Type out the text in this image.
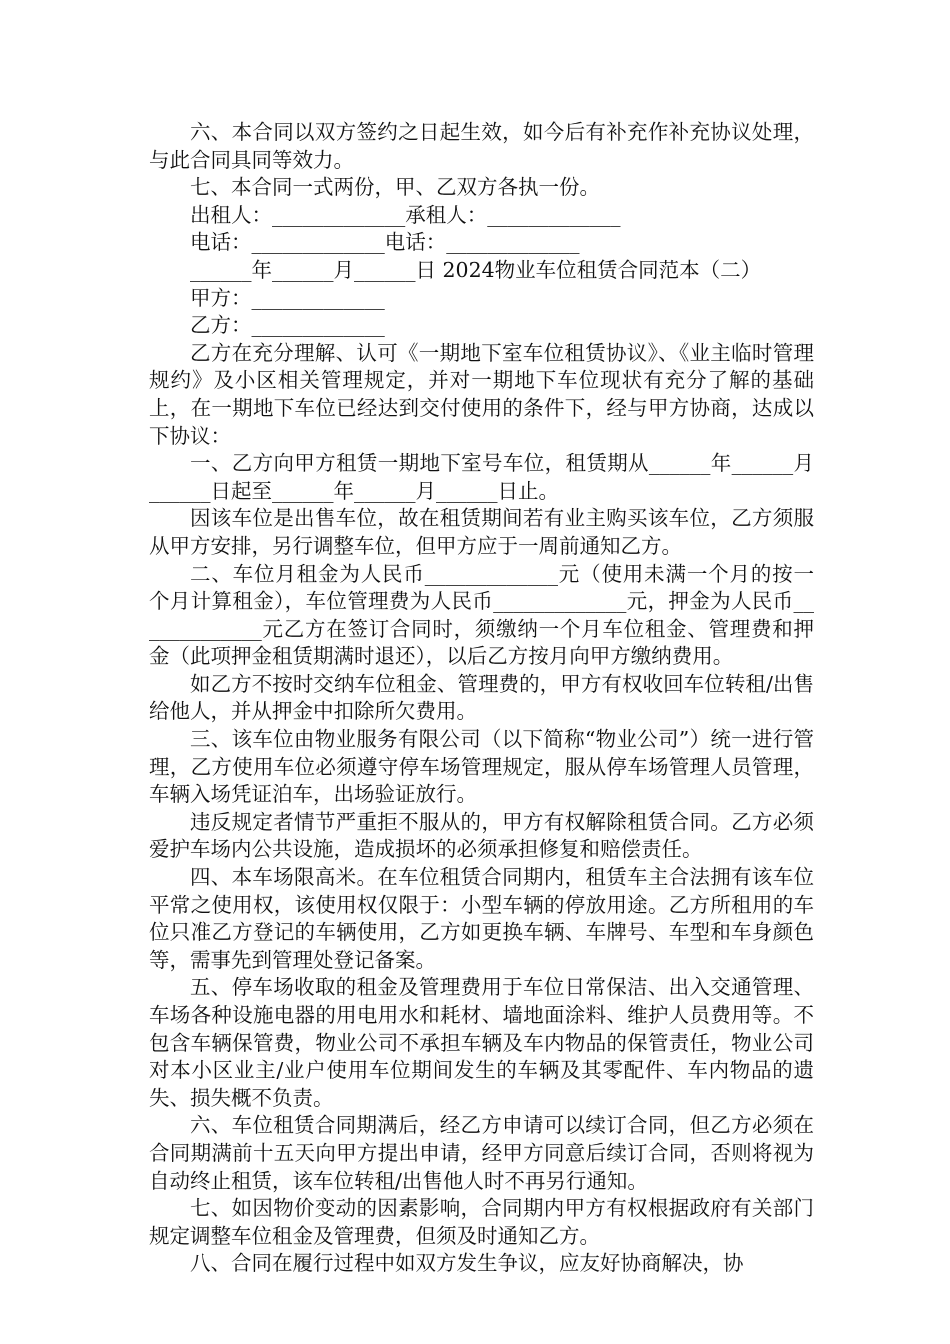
六、本合同以双方签约之日起生效，如今后有补充作补充协议处理，与此合同具同等效力。

七、本合同一式两份，甲、乙双方各执一份。

出租人：_____________承租人：_____________

电话：_____________电话：_____________

______年______月______日 2024物业车位租赁合同范本（二）

甲方：_____________

乙方：_____________

乙方在充分理解、认可《一期地下室车位租赁协议》、《业主临时管理规约》及小区相关管理规定，并对一期地下车位现状有充分了解的基础上，在一期地下车位已经达到交付使用的条件下，经与甲方协商，达成以下协议：

一、乙方向甲方租赁一期地下室号车位，租赁期从______年______月______日起至______年______月______日止。

因该车位是出售车位，故在租赁期间若有业主购买该车位，乙方须服从甲方安排，另行调整车位，但甲方应于一周前通知乙方。

二、车位月租金为人民币_____________元（使用未满一个月的按一个月计算租金），车位管理费为人民币_____________元，押金为人民币_____________元乙方在签订合同时，须缴纳一个月车位租金、管理费和押金（此项押金租赁期满时退还），以后乙方按月向甲方缴纳费用。

如乙方不按时交纳车位租金、管理费的，甲方有权收回车位转租/出售给他人，并从押金中扣除所欠费用。

三、该车位由物业服务有限公司（以下简称“物业公司”）统一进行管理，乙方使用车位必须遵守停车场管理规定，服从停车场管理人员管理，车辆入场凭证泊车，出场验证放行。

违反规定者情节严重拒不服从的，甲方有权解除租赁合同。乙方必须爱护车场内公共设施，造成损坏的必须承担修复和赔偿责任。

四、本车场限高米。在车位租赁合同期内，租赁车主合法拥有该车位平常之使用权，该使用权仅限于：小型车辆的停放用途。乙方所租用的车位只准乙方登记的车辆使用，乙方如更换车辆、车牌号、车型和车身颜色等，需事先到管理处登记备案。

五、停车场收取的租金及管理费用于车位日常保洁、出入交通管理、车场各种设施电器的用电用水和耗材、墙地面涂料、维护人员费用等。不包含车辆保管费，物业公司不承担车辆及车内物品的保管责任，物业公司对本小区业主/业户使用车位期间发生的车辆及其零配件、车内物品的遗失、损失概不负责。

六、车位租赁合同期满后，经乙方申请可以续订合同，但乙方必须在合同期满前十五天向甲方提出申请，经甲方同意后续订合同，否则将视为自动终止租赁，该车位转租/出售他人时不再另行通知。

七、如因物价变动的因素影响，合同期内甲方有权根据政府有关部门规定调整车位租金及管理费，但须及时通知乙方。

八、合同在履行过程中如双方发生争议，应友好协商解决，协
